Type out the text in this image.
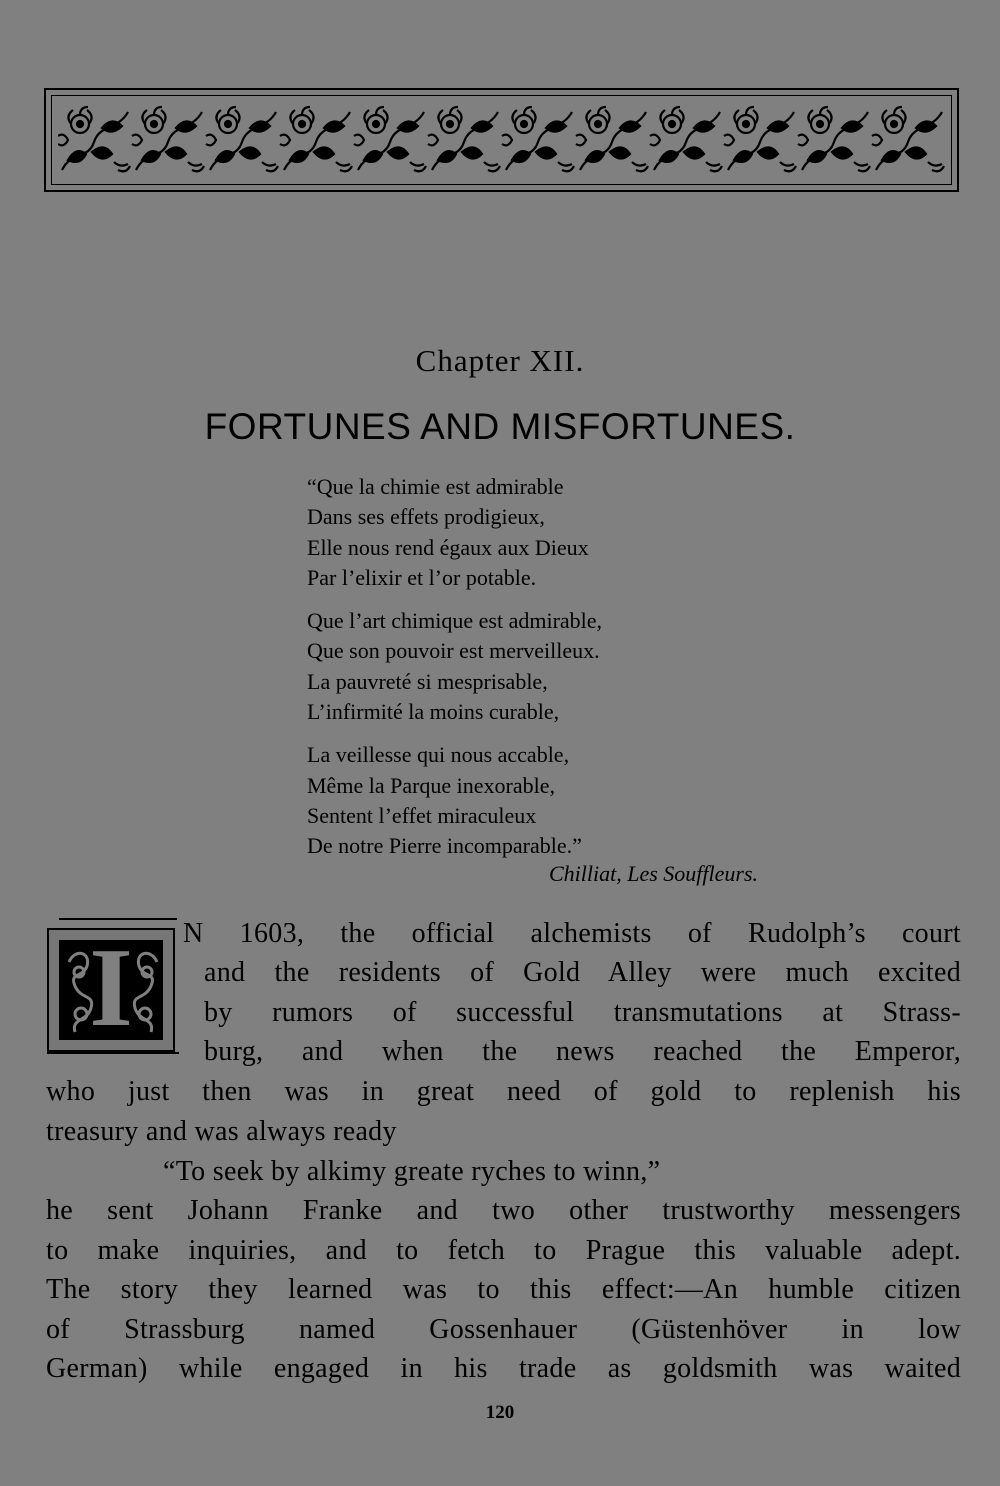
Chapter XII.
FORTUNES AND MISFORTUNES.
“Que la chimie est admirable
Dans ses effets prodigieux,
Elle nous rend égaux aux Dieux
Par l’elixir et l’or potable.
Que l’art chimique est admirable,
Que son pouvoir est merveilleux.
La pauvreté si mesprisable,
L’infirmité la moins curable,
La veillesse qui nous accable,
Même la Parque inexorable,
Sentent l’effet miraculeux
De notre Pierre incomparable.”
Chilliat, Les Souffleurs.
I	N 1603, the official alchemists of Rudolph’s court
and the residents of Gold Alley were much excited
by rumors of successful transmutations at Strass-
burg, and when the news reached the Emperor,
who just then was in great need of gold to replenish his
treasury and was always ready
“To seek by alkimy greate ryches to winn,”
he sent Johann Franke and two other trustworthy messengers
to make inquiries, and to fetch to Prague this valuable adept.
The story they learned was to this effect:—An humble citizen
of Strassburg named Gossenhauer (Güstenhöver in low
German) while engaged in his trade as goldsmith was waited
120
